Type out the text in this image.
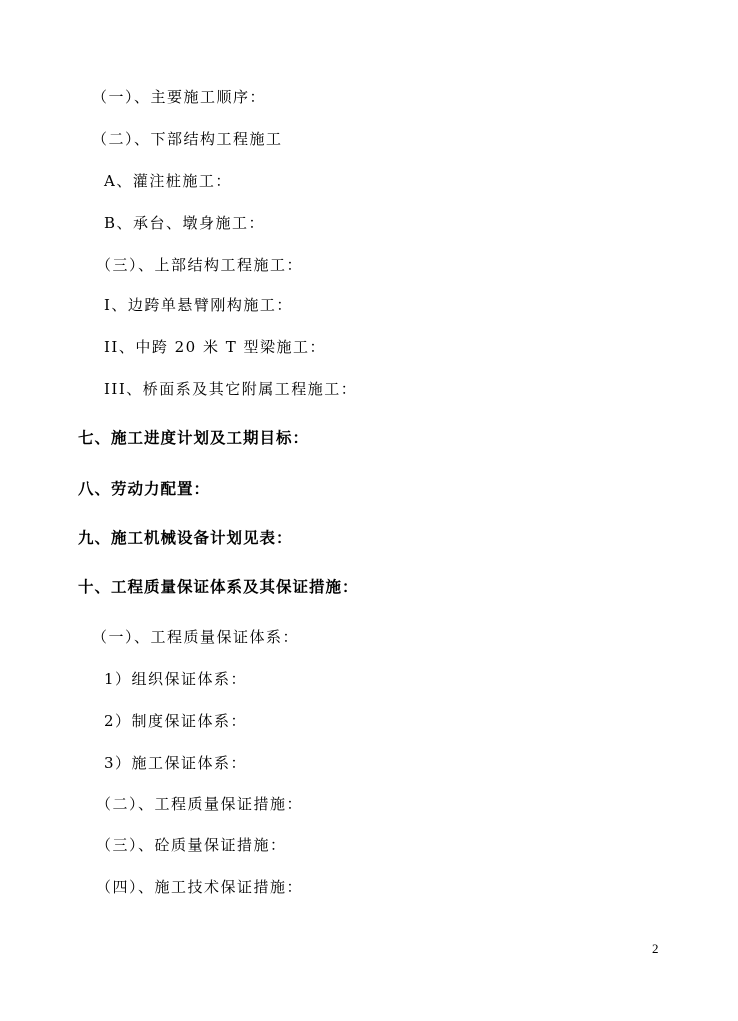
（一）、主要施工顺序：
（二）、下部结构工程施工
A、灌注桩施工：
B、承台、墩身施工：
（三）、上部结构工程施工：
I、边跨单悬臂刚构施工：
II、中跨 20 米 T 型梁施工：
III、桥面系及其它附属工程施工：
七、施工进度计划及工期目标：
八、劳动力配置：
九、施工机械设备计划见表：
十、工程质量保证体系及其保证措施：
（一）、工程质量保证体系：
1）组织保证体系：
2）制度保证体系：
3）施工保证体系：
（二）、工程质量保证措施：
（三）、砼质量保证措施：
（四）、施工技术保证措施：
2
